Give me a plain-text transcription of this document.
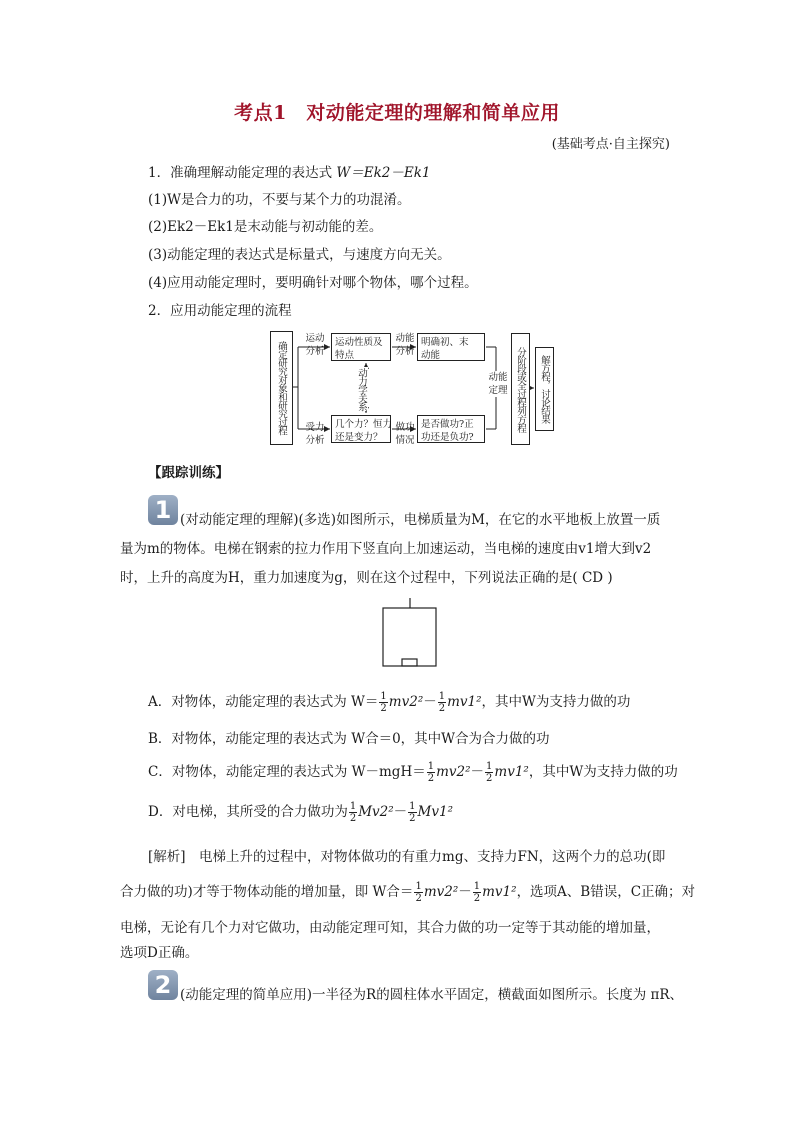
考点1　对动能定理的理解和简单应用
(基础考点·自主探究)
1．准确理解动能定理的表达式 W＝Ek2－Ek1
(1)W是合力的功，不要与某个力的功混淆。
(2)Ek2－Ek1是末动能与初动能的差。
(3)动能定理的表达式是标量式，与速度方向无关。
(4)应用动能定理时，要明确针对哪个物体，哪个过程。
2．应用动能定理的流程
确定研究对象和研究过程
运动
分析
受力
分析
运动性质及
特点
几个力？恒力
还是变力？
动力学关系
动能
分析
做功
情况
明确初、末
动能
是否做功?正
功还是负功?
动能
定理 分阶段或全过程列方程	解方程，讨论结果
【跟踪训练】
1 (对动能定理的理解)(多选)如图所示，电梯质量为M，在它的水平地板上放置一质
量为m的物体。电梯在钢索的拉力作用下竖直向上加速运动，当电梯的速度由v1增大到v2
时，上升的高度为H，重力加速度为g，则在这个过程中，下列说法正确的是( CD )
A．对物体，动能定理的表达式为 $W= \frac{1}{2} mv2^2- \frac{1}{2} mv1^2$，其中W为支持力做的功
B．对物体，动能定理的表达式为 W合＝0，其中W合为合力做的功
C．对物体，动能定理的表达式为 $W-mgH= \frac{1}{2} mv2^2- \frac{1}{2} mv1^2$，其中W为支持力做的功
D．对电梯，其所受的合力做功为 $\frac{1}{2} Mv2^2- \frac{1}{2} Mv1^2$
[解析]　电梯上升的过程中，对物体做功的有重力mg、支持力FN，这两个力的总功(即
合力做的功)才等于物体动能的增加量，即 W合＝ $\frac{1}{2} mv2^2- \frac{1}{2} mv1^2$，选项A、B错误，C正确；对
电梯，无论有几个力对它做功，由动能定理可知，其合力做的功一定等于其动能的增加量，
选项D正确。
2 (动能定理的简单应用)一半径为R的圆柱体水平固定，横截面如图所示。长度为 πR、
